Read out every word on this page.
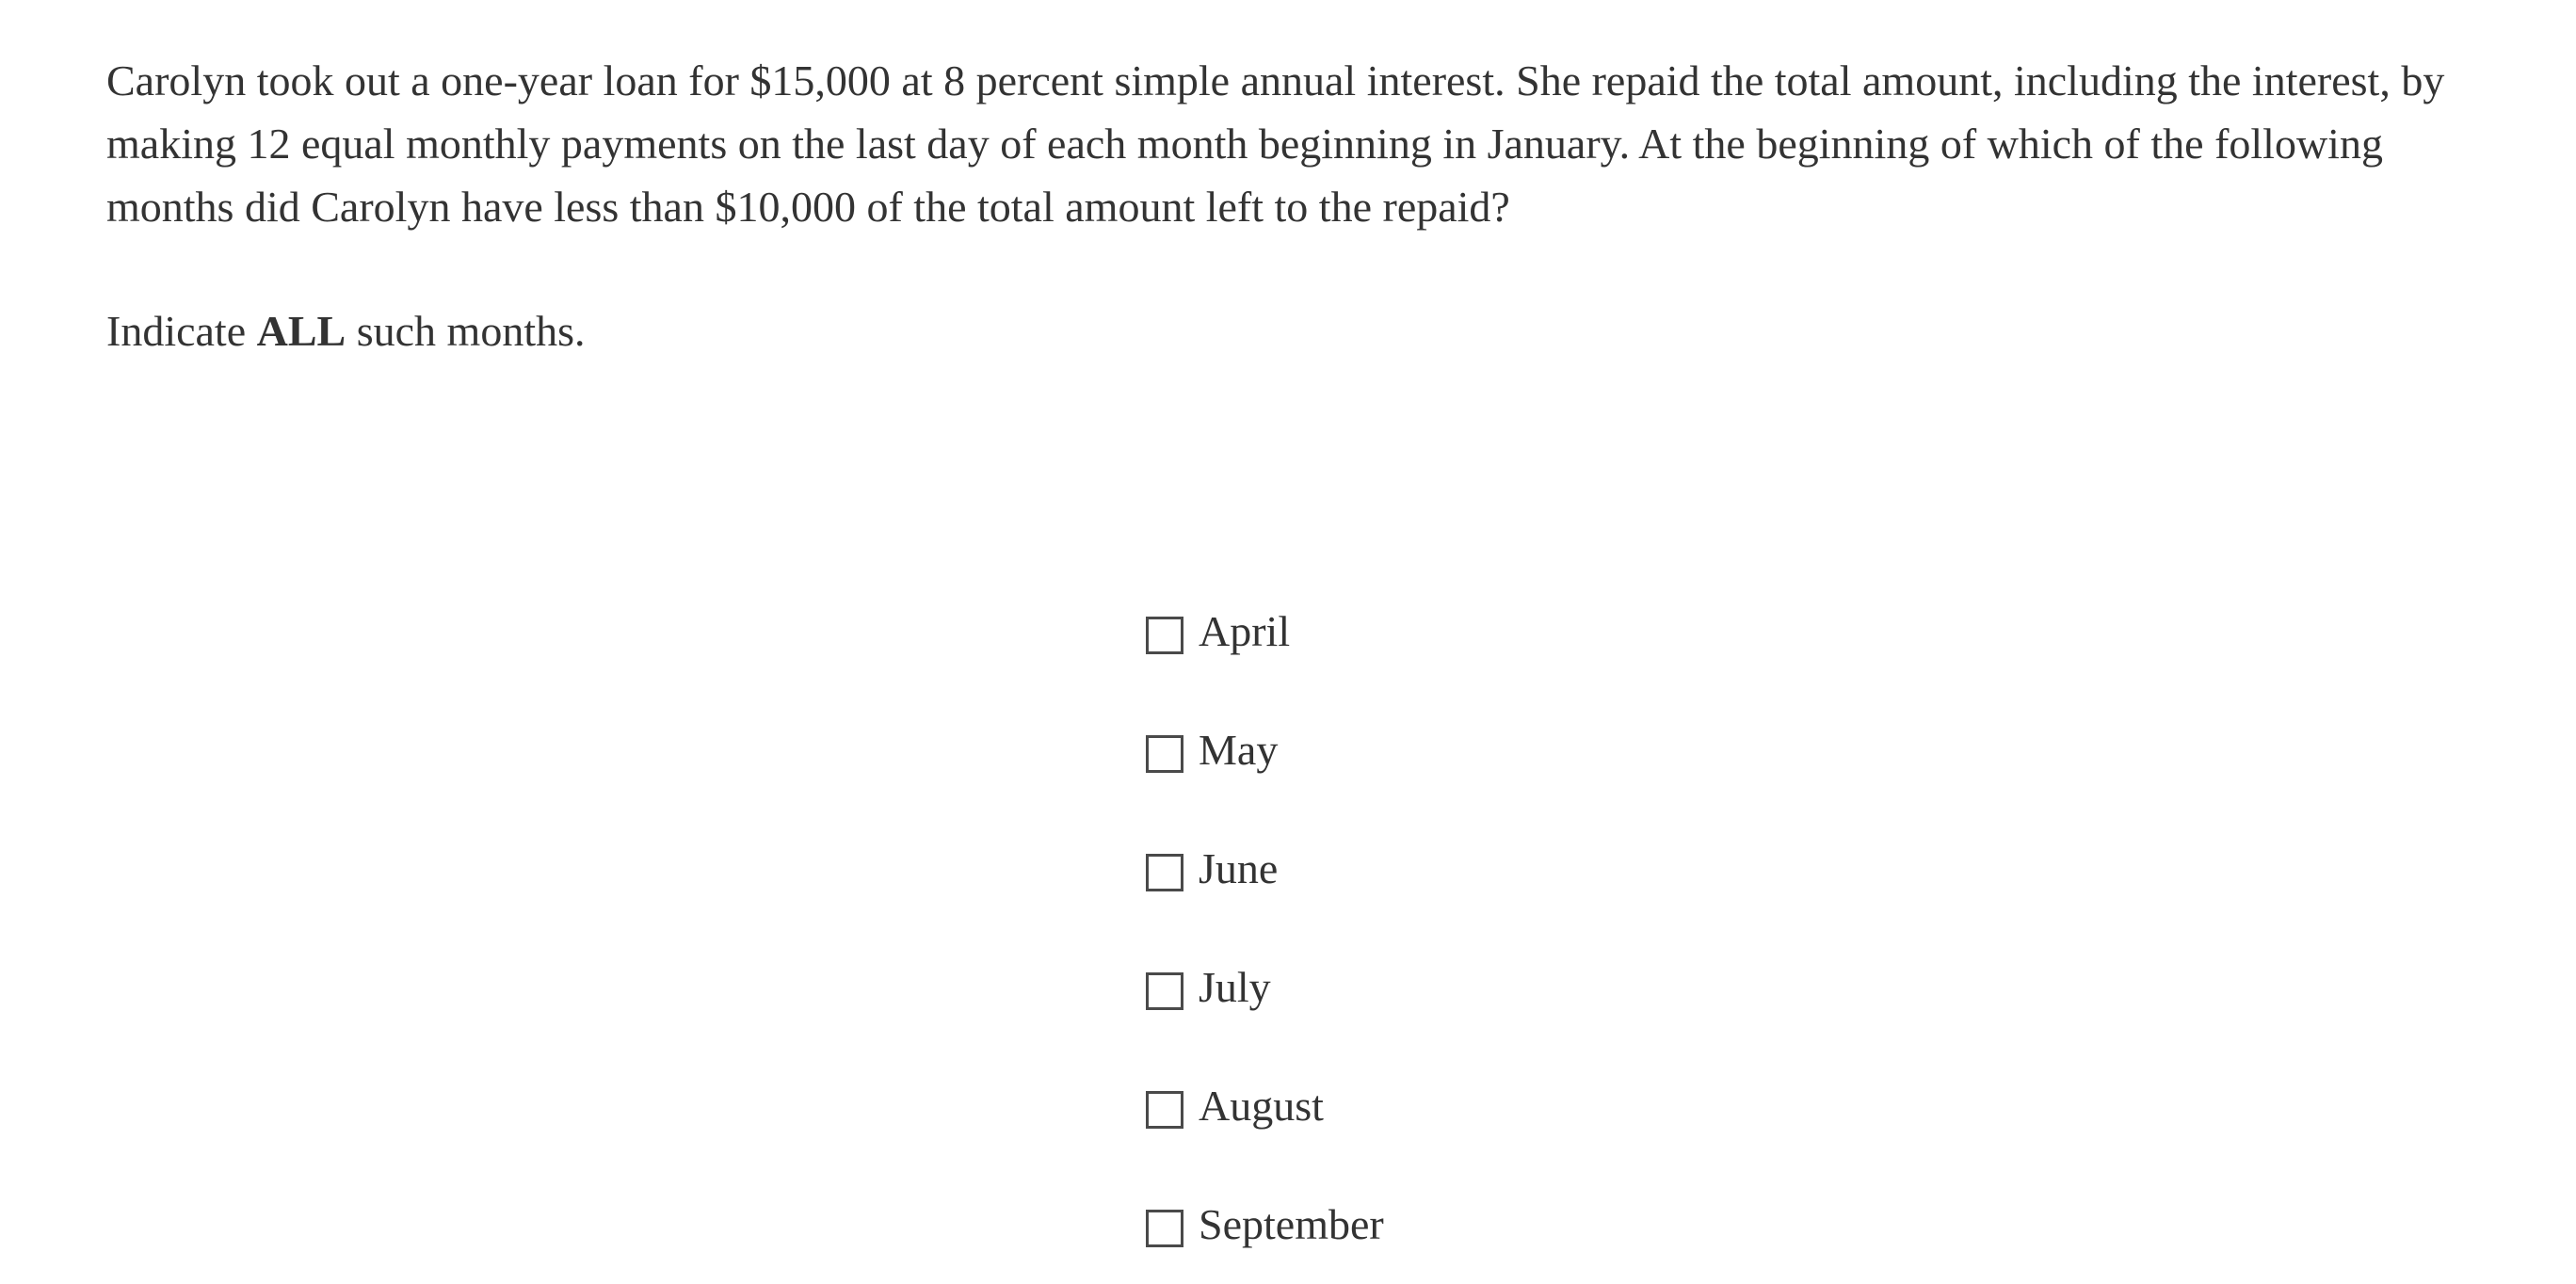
Carolyn took out a one-year loan for $15,000 at 8 percent simple annual interest. She repaid the total amount, including the interest, by making 12 equal monthly payments on the last day of each month beginning in January. At the beginning of which of the following months did Carolyn have less than $10,000 of the total amount left to the repaid?

Indicate ALL such months.

April
May
June
July
August
September
